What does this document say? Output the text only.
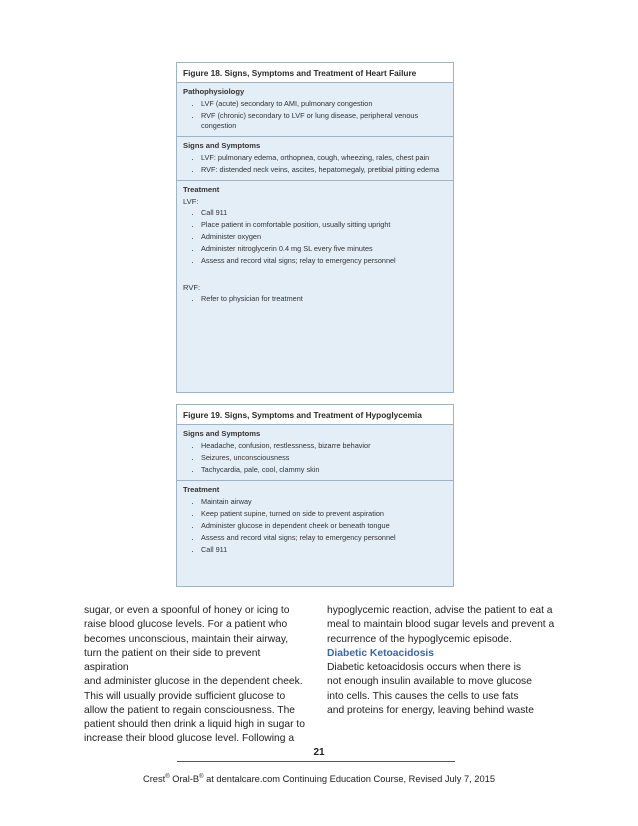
Figure 18. Signs, Symptoms and Treatment of Heart Failure
Pathophysiology
• LVF (acute) secondary to AMI, pulmonary congestion
• RVF (chronic) secondary to LVF or lung disease, peripheral venous congestion
Signs and Symptoms
• LVF: pulmonary edema, orthopnea, cough, wheezing, rales, chest pain
• RVF: distended neck veins, ascites, hepatomegaly, pretibial pitting edema
Treatment
LVF:
• Call 911
• Place patient in comfortable position, usually sitting upright
• Administer oxygen
• Administer nitroglycerin 0.4 mg SL every five minutes
• Assess and record vital signs; relay to emergency personnel
RVF:
• Refer to physician for treatment
Figure 19. Signs, Symptoms and Treatment of Hypoglycemia
Signs and Symptoms
• Headache, confusion, restlessness, bizarre behavior
• Seizures, unconsciousness
• Tachycardia, pale, cool, clammy skin
Treatment
• Maintain airway
• Keep patient supine, turned on side to prevent aspiration
• Administer glucose in dependent cheek or beneath tongue
• Assess and record vital signs; relay to emergency personnel
• Call 911

sugar, or even a spoonful of honey or icing to

raise blood glucose levels. For a patient who

becomes unconscious, maintain their airway,

turn the patient on their side to prevent aspiration

and administer glucose in the dependent cheek.

This will usually provide sufficient glucose to

allow the patient to regain consciousness. The

patient should then drink a liquid high in sugar to

increase their blood glucose level. Following a

hypoglycemic reaction, advise the patient to eat a

meal to maintain blood sugar levels and prevent a

recurrence of the hypoglycemic episode.

Diabetic Ketoacidosis

Diabetic ketoacidosis occurs when there is

not enough insulin available to move glucose

into cells. This causes the cells to use fats

and proteins for energy, leaving behind waste

21
Crest® Oral-B® at dentalcare.com Continuing Education Course, Revised July 7, 2015
